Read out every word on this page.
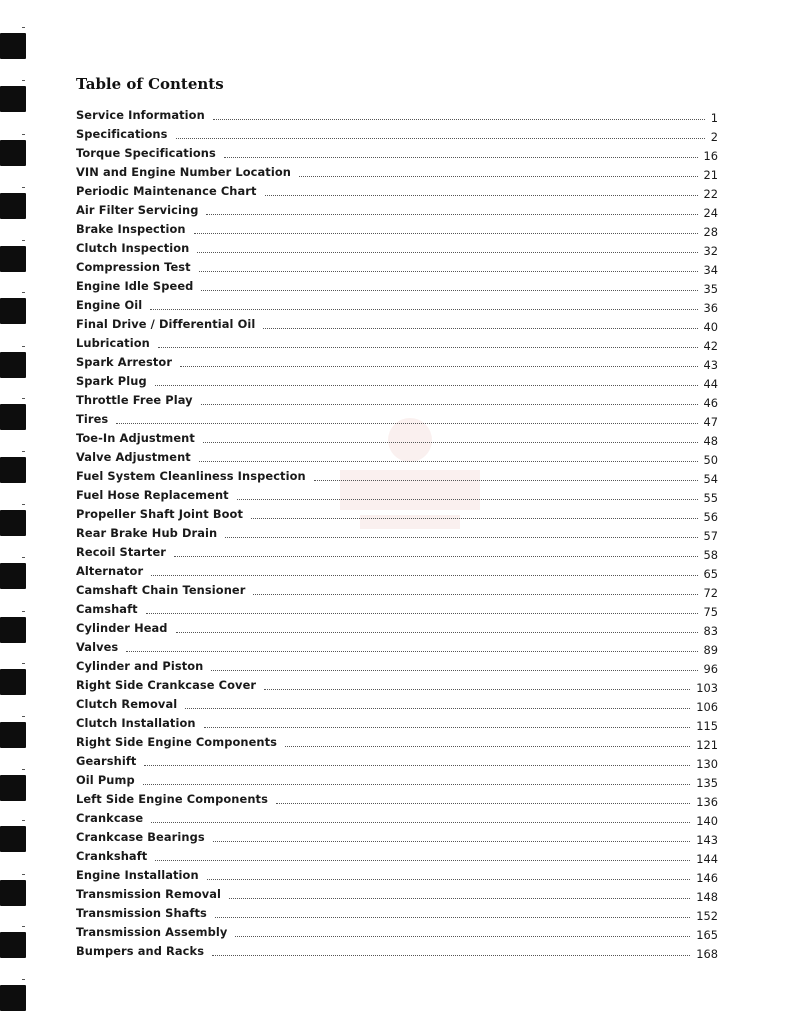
Table of Contents
Service Information	1
Specifications	2
Torque Specifications	16
VIN and Engine Number Location	21
Periodic Maintenance Chart	22
Air Filter Servicing	24
Brake Inspection	28
Clutch Inspection	32
Compression Test	34
Engine Idle Speed	35
Engine Oil	36
Final Drive / Differential Oil	40
Lubrication	42
Spark Arrestor	43
Spark Plug	44
Throttle Free Play	46
Tires	47
Toe-In Adjustment	48
Valve Adjustment	50
Fuel System Cleanliness Inspection	54
Fuel Hose Replacement	55
Propeller Shaft Joint Boot	56
Rear Brake Hub Drain	57
Recoil Starter	58
Alternator	65
Camshaft Chain Tensioner	72
Camshaft	75
Cylinder Head	83
Valves	89
Cylinder and Piston	96
Right Side Crankcase Cover	103
Clutch Removal	106
Clutch Installation	115
Right Side Engine Components	121
Gearshift	130
Oil Pump	135
Left Side Engine Components	136
Crankcase	140
Crankcase Bearings	143
Crankshaft	144
Engine Installation	146
Transmission Removal	148
Transmission Shafts	152
Transmission Assembly	165
Bumpers and Racks	168
